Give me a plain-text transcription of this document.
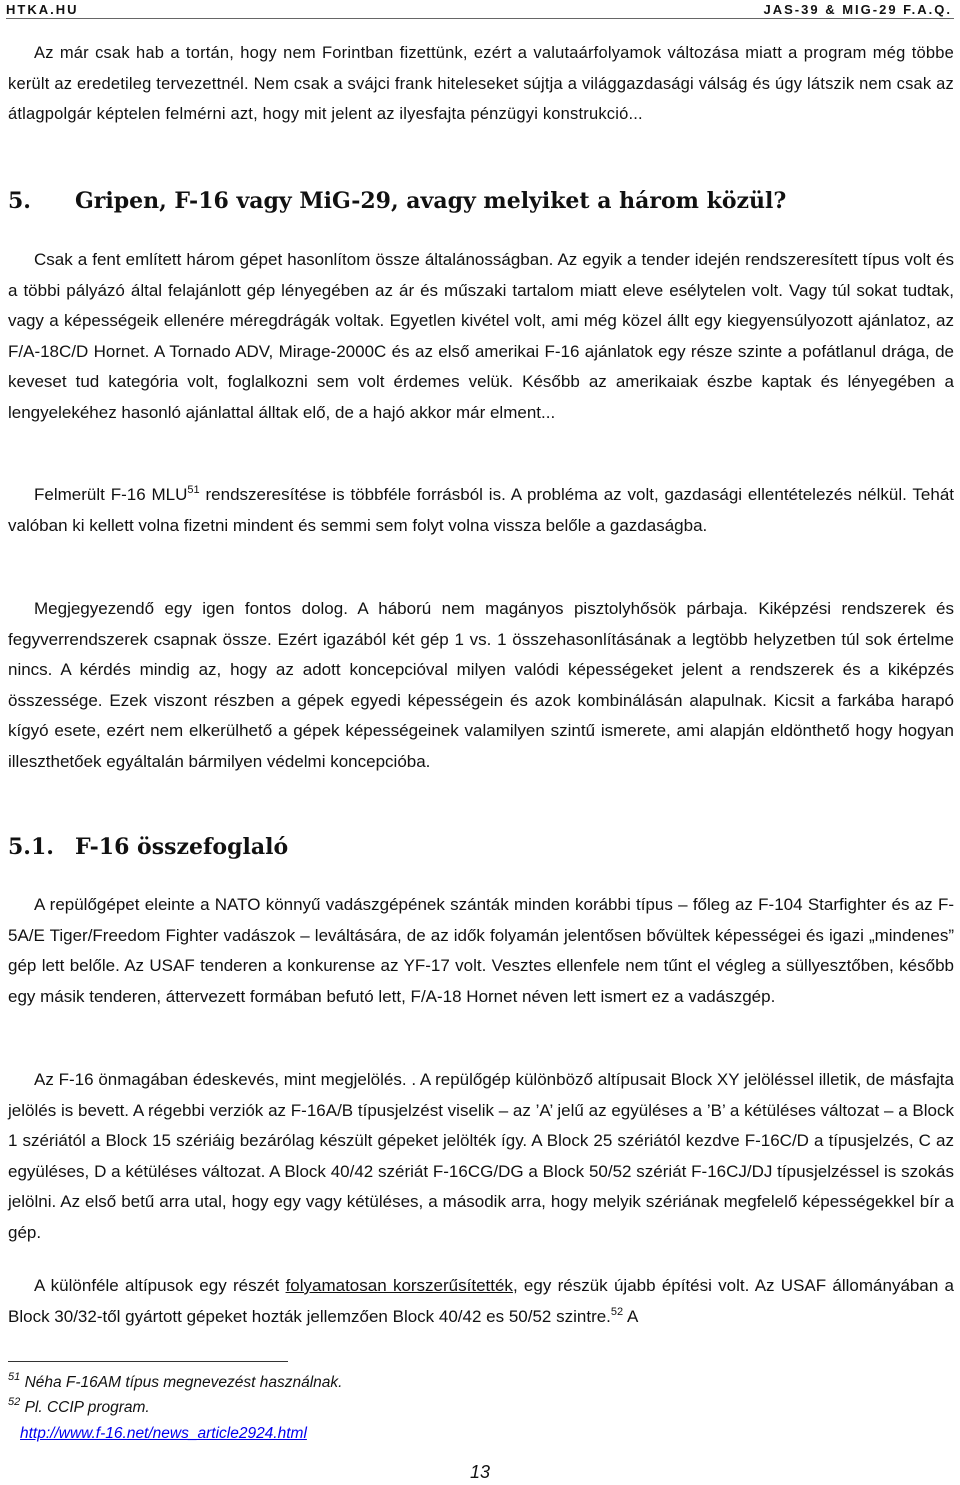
HTKA.HU	JAS-39 & MIG-29 F.A.Q.

Az már csak hab a tortán, hogy nem Forintban fizettünk, ezért a valutaárfolyamok változása miatt a program még többe került az eredetileg tervezettnél. Nem csak a svájci frank hiteleseket sújtja a világgazdasági válság és úgy látszik nem csak az átlagpolgár képtelen felmérni azt, hogy mit jelent az ilyesfajta pénzügyi konstrukció...

5. Gripen, F-16 vagy MiG-29, avagy melyiket a három közül?

Csak a fent említett három gépet hasonlítom össze általánosságban. Az egyik a tender idején rendszeresített típus volt és a többi pályázó által felajánlott gép lényegében az ár és műszaki tartalom miatt eleve esélytelen volt. Vagy túl sokat tudtak, vagy a képességeik ellenére méregdrágák voltak. Egyetlen kivétel volt, ami még közel állt egy kiegyensúlyozott ajánlatoz, az F/A-18C/D Hornet. A Tornado ADV, Mirage-2000C és az első amerikai F-16 ajánlatok egy része szinte a pofátlanul drága, de keveset tud kategória volt, foglalkozni sem volt érdemes velük. Később az amerikaiak észbe kaptak és lényegében a lengyelekéhez hasonló ajánlattal álltak elő, de a hajó akkor már elment...

Felmerült F-16 MLU$^{51}$ rendszeresítése is többféle forrásból is. A probléma az volt, gazdasági ellentételezés nélkül. Tehát valóban ki kellett volna fizetni mindent és semmi sem folyt volna vissza belőle a gazdaságba.

Megjegyezendő egy igen fontos dolog. A háború nem magányos pisztolyhősök párbaja. Kiképzési rendszerek és fegyverrendszerek csapnak össze. Ezért igazából két gép 1 vs. 1 összehasonlításának a legtöbb helyzetben túl sok értelme nincs. A kérdés mindig az, hogy az adott koncepcióval milyen valódi képességeket jelent a rendszerek és a kiképzés összessége. Ezek viszont részben a gépek egyedi képességein és azok kombinálásán alapulnak. Kicsit a farkába harapó kígyó esete, ezért nem elkerülhető a gépek képességeinek valamilyen szintű ismerete, ami alapján eldönthető hogy hogyan illeszthetőek egyáltalán bármilyen védelmi koncepcióba.

5.1. F-16 összefoglaló

A repülőgépet eleinte a NATO könnyű vadászgépének szánták minden korábbi típus – főleg az F-104 Starfighter és az F-5A/E Tiger/Freedom Fighter vadászok – leváltására, de az idők folyamán jelentősen bővültek képességei és igazi „mindenes” gép lett belőle. Az USAF tenderen a konkurense az YF-17 volt. Vesztes ellenfele nem tűnt el végleg a süllyesztőben, később egy másik tenderen, áttervezett formában befutó lett, F/A-18 Hornet néven lett ismert ez a vadászgép.

Az F-16 önmagában édeskevés, mint megjelölés. . A repülőgép különböző altípusait Block XY jelöléssel illetik, de másfajta jelölés is bevett. A régebbi verziók az F-16A/B típusjelzést viselik – az ’A’ jelű az együléses a ’B’ a kétüléses változat – a Block 1 szériától a Block 15 szériáig bezárólag készült gépeket jelölték így. A Block 25 szériától kezdve F-16C/D a típusjelzés, C az együléses, D a kétüléses változat. A Block 40/42 szériát F-16CG/DG a Block 50/52 szériát F-16CJ/DJ típusjelzéssel is szokás jelölni. Az első betű arra utal, hogy egy vagy kétüléses, a második arra, hogy melyik szériának megfelelő képességekkel bír a gép.

A különféle altípusok egy részét folyamatosan korszerűsítették, egy részük újabb építési volt. Az USAF állományában a Block 30/32-től gyártott gépeket hozták jellemzően Block 40/42 es 50/52 szintre.$^{52}$ A

$^{51}$ Néha F-16AM típus megnevezést használnak.
$^{52}$ Pl. CCIP program.
http://www.f-16.net/news_article2924.html
13
